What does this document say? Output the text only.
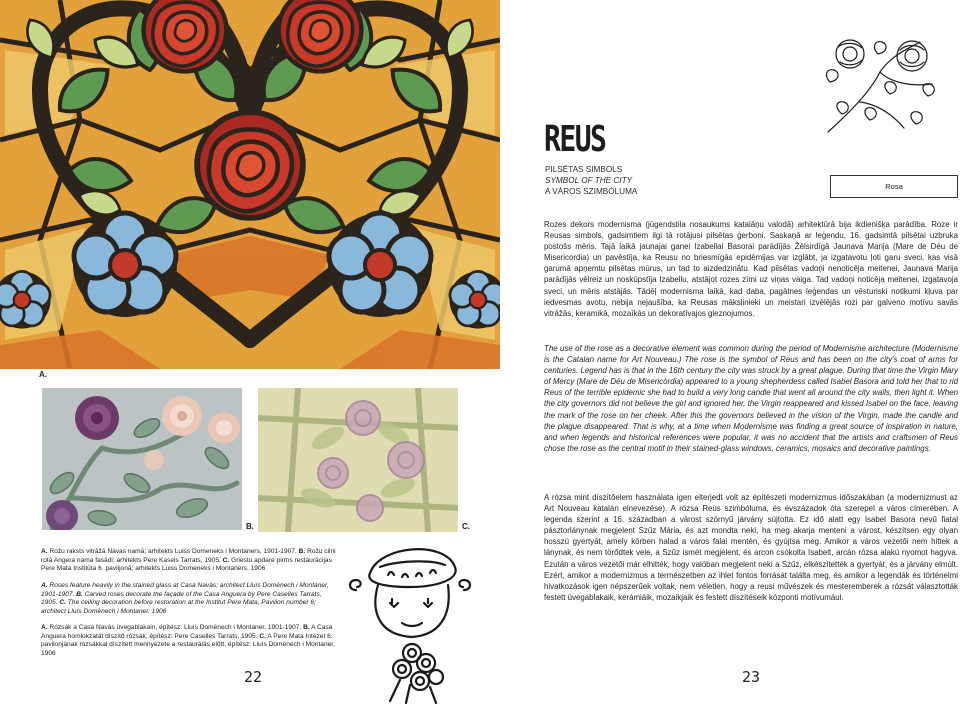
A.
B.	C.
A. Rožu raksts vitrāžā Navas namā; arhitekts Luiss Domeneks i Montaners, 1901-1907. B. Rožu cilņi rotā Angera nama fasādi; arhitekts Pere Kasels Tarrats, 1905. C. Griestu apdare pirms restaurācijas Pere Mata Institūta 6. paviljonā; arhitekts Luiss Domeneks i Montaners, 1906
A. Roses feature heavily in the stained glass at Casa Navàs; architect Lluís Domènech i Montaner, 1901-1907. B. Carved roses decorate the façade of the Casa Anguera by Pere Caselles Tarrats, 1905. C. The ceiling decoration before restoration at the Institut Pere Mata, Pavilion number 6; architect Lluís Domènech i Montaner, 1906
A. Rózsák a Casa Navàs üvegablakain, építész: Lluís Domènech i Montaner, 1901-1907. B. A Casa Anguera homlokzatát díszítő rózsák, építész: Pere Caselles Tarrats, 1905. C. A Pere Mata Intézet 6. pavilonjának rózsákkal díszített mennyezete a restaurálás előtt, építész: Lluís Domènech i Montaner, 1906
22
REUS
PILSĒTAS SIMBOLS
SYMBOL OF THE CITY
A VÁROS SZIMBÓLUMA
Rosa
Rozes dekors modernisma (jūgendstila nosaukums katalāņu valodā) arhitektūrā bija ikdienišķa parādība. Roze ir Reusas simbols, gadsimtiem ilgi tā rotājusi pilsētas ģerboni. Saskaņā ar leģendu, 16. gadsimtā pilsētai uzbruka postošs mēris. Tajā laikā jaunajai ganei Izabellai Basorai parādījās Žēlsirdīgā Jaunava Marija (Mare de Déu de Misericordia) un pavēstīja, ka Reusu no briesmīgās epidēmijas var izglābt, ja izgatavotu ļoti garu sveci, kas visā garumā apņemtu pilsētas mūrus, un tad to aizdedzinātu. Kad pilsētas vadoņi nenoticēja meitenei, Jaunava Marija parādījās vēlreiz un noskūpstīja Izabellu, atstājot rozes zīmi uz viņas vaiga. Tad vadoņi noticēja meitenei, izgatavoja sveci, un mēris atstājās. Tādēļ modernisma laikā, kad daba, pagātnes leģendas un vēsturiski notikumi kļuva par iedvesmas avotu, nebija nejaušība, ka Reusas mākslinieki un meistari izvēlējās rozi par galveno motīvu savās vitrāžās, keramikā, mozaīkās un dekoratīvajos gleznojumos.
The use of the rose as a decorative element was common during the period of Modernisme architecture (Modernisme is the Catalan name for Art Nouveau.) The rose is the symbol of Reus and has been on the city's coat of arms for centuries. Legend has is that in the 16th century the city was struck by a great plague. During that time the Virgin Mary of Mercy (Mare de Déu de Misericòrdia) appeared to a young shepherdess called Isabel Basora and told her that to rid Reus of the terrible epidemic she had to build a very long candle that went all around the city walls, then light it. When the city governors did not believe the girl and ignored her, the Virgin reappeared and kissed Isabel on the face, leaving the mark of the rose on her cheek. After this the governors believed in the vision of the Virgin, made the candle and the plague disappeared. That is why, at a time when Modernisme was finding a great source of inspiration in nature, and when legends and historical references were popular, it was no accident that the artists and craftsmen of Reus chose the rose as the central motif in their stained-glass windows, ceramics, mosaics and decorative paintings.
A rózsa mint díszítőelem használata igen elterjedt volt az építészeti modernizmus időszakában (a modernizmust az Art Nouveau katalán elnevezése). A rózsa Reus szimbóluma, és évszázadok óta szerepel a város címerében. A legenda szerint a 16. században a várost szörnyű járvány sújtotta. Ez idő alatt egy Isabel Basora nevű fiatal pásztorlánynak megjelent Szűz Mária, és azt mondta neki, ha meg akarja menteni a várost, készítsen egy olyan hosszú gyertyát, amely körben halad a város falai mentén, és gyújtsa meg. Amikor a város vezetői nem hittek a lánynak, és nem törődtek vele, a Szűz ismét megjelent, és arcon csókolta Isabelt, arcán rózsa alakú nyomot hagyva. Ezután a város vezetői már elhitték, hogy valóban megjelent neki a Szűz, elkészítették a gyertyát, és a járvány elmúlt. Ezért, amikor a modernizmus a természetben az ihlet fontos forrását találta meg, és amikor a legendák és történelmi hivatkozások igen népszerűek voltak, nem véletlen, hogy a reusi művészek és mesteremberek a rózsát választották festett üvegablakaik, kerámiáik, mozaikjaik és festett díszítéseik központi motívumául.
23
